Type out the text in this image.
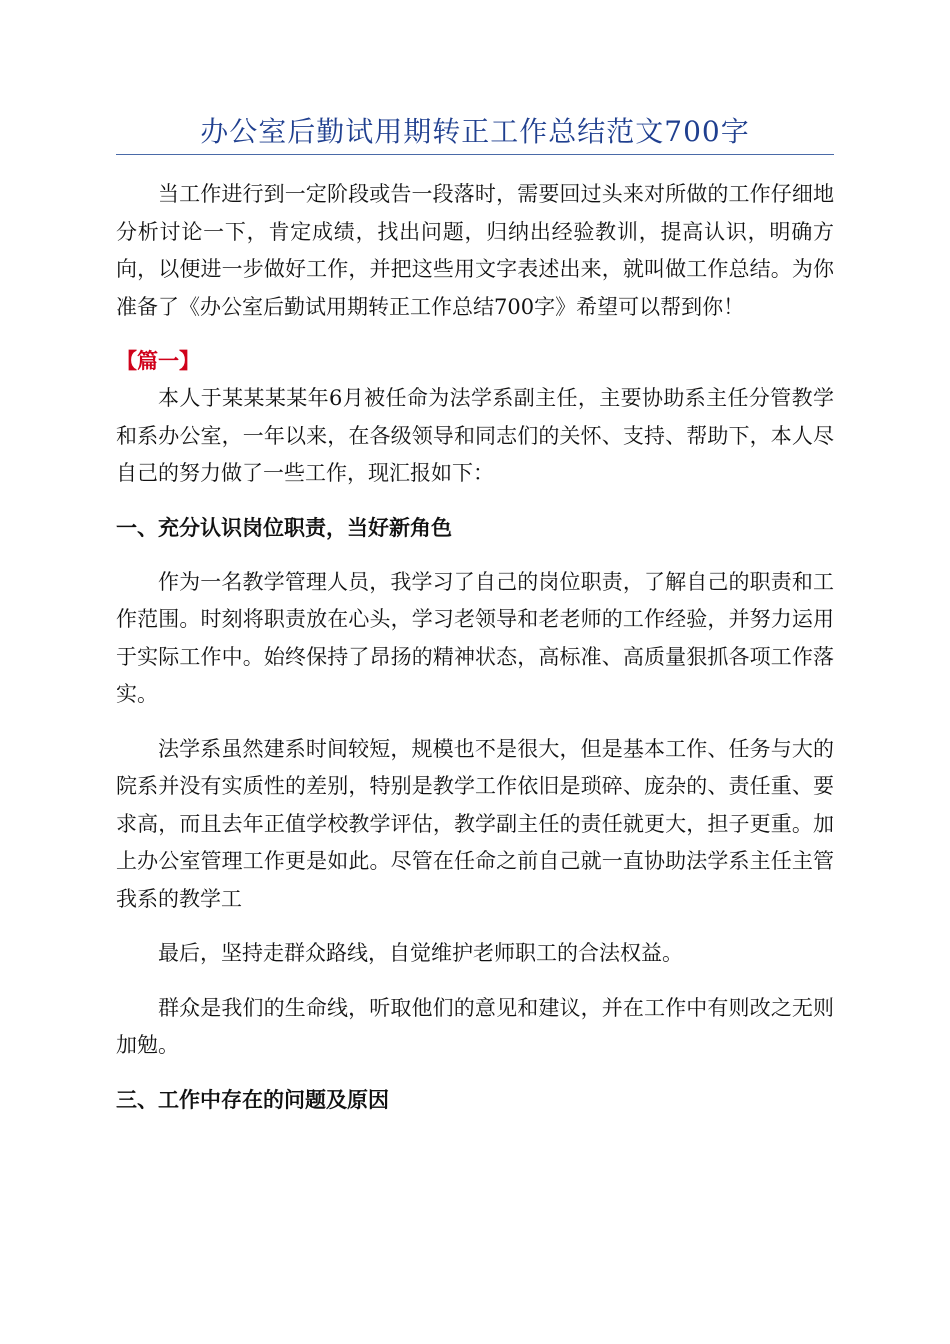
办公室后勤试用期转正工作总结范文700字

当工作进行到一定阶段或告一段落时，需要回过头来对所做的工作仔细地分析讨论一下，肯定成绩，找出问题，归纳出经验教训，提高认识，明确方向，以便进一步做好工作，并把这些用文字表述出来，就叫做工作总结。为你准备了《办公室后勤试用期转正工作总结700字》希望可以帮到你！

【篇一】

本人于某某某某年6月被任命为法学系副主任，主要协助系主任分管教学和系办公室，一年以来，在各级领导和同志们的关怀、支持、帮助下，本人尽自己的努力做了一些工作，现汇报如下：

一、充分认识岗位职责，当好新角色

作为一名教学管理人员，我学习了自己的岗位职责，了解自己的职责和工作范围。时刻将职责放在心头，学习老领导和老老师的工作经验，并努力运用于实际工作中。始终保持了昂扬的精神状态，高标准、高质量狠抓各项工作落实。

法学系虽然建系时间较短，规模也不是很大，但是基本工作、任务与大的院系并没有实质性的差别，特别是教学工作依旧是琐碎、庞杂的、责任重、要求高，而且去年正值学校教学评估，教学副主任的责任就更大，担子更重。加上办公室管理工作更是如此。尽管在任命之前自己就一直协助法学系主任主管我系的教学工

最后，坚持走群众路线，自觉维护老师职工的合法权益。

群众是我们的生命线，听取他们的意见和建议，并在工作中有则改之无则加勉。

三、工作中存在的问题及原因
